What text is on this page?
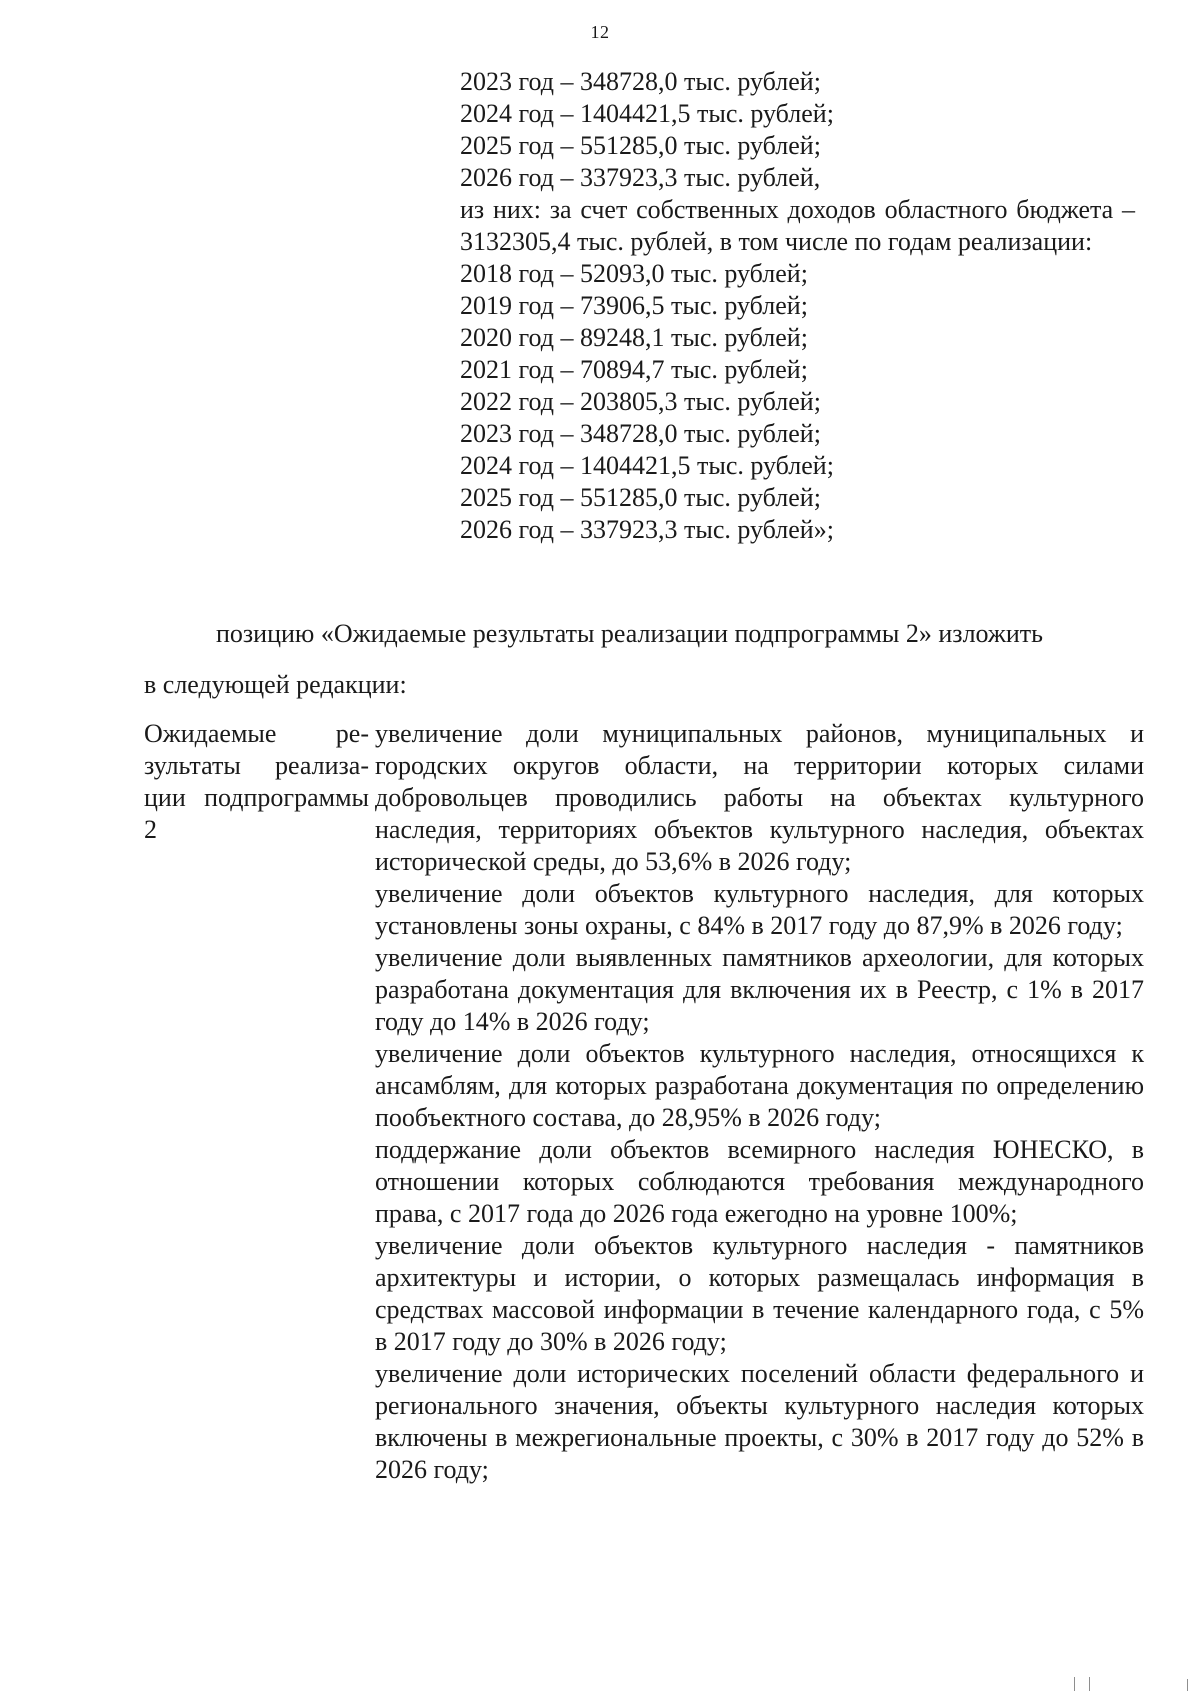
12
2023 год – 348728,0 тыс. рублей;
2024 год – 1404421,5 тыс. рублей;
2025 год – 551285,0 тыс. рублей;
2026 год – 337923,3 тыс. рублей,
из них: за счет собственных доходов областного бюджета – 3132305,4 тыс. рублей, в том числе по годам реализации:
2018 год – 52093,0 тыс. рублей;
2019 год – 73906,5 тыс. рублей;
2020 год – 89248,1 тыс. рублей;
2021 год – 70894,7 тыс. рублей;
2022 год – 203805,3 тыс. рублей;
2023 год – 348728,0 тыс. рублей;
2024 год – 1404421,5 тыс. рублей;
2025 год – 551285,0 тыс. рублей;
2026 год – 337923,3 тыс. рублей»;
позицию «Ожидаемые результаты реализации подпрограммы 2» изложить
в следующей редакции:
Ожидаемые результаты реализации подпрограммы 2
увеличение доли муниципальных районов, муниципальных и городских округов области, на территории которых силами добровольцев проводились работы на объектах культурного наследия, территориях объектов культурного наследия, объектах исторической среды, до 53,6% в 2026 году;
увеличение доли объектов культурного наследия, для которых установлены зоны охраны, с 84% в 2017 году до 87,9% в 2026 году;
увеличение доли выявленных памятников археологии, для которых разработана документация для включения их в Реестр, с 1% в 2017 году до 14% в 2026 году;
увеличение доли объектов культурного наследия, относящихся к ансамблям, для которых разработана документация по определению пообъектного состава, до 28,95% в 2026 году;
поддержание доли объектов всемирного наследия ЮНЕСКО, в отношении которых соблюдаются требования международного права, с 2017 года до 2026 года ежегодно на уровне 100%;
увеличение доли объектов культурного наследия - памятников архитектуры и истории, о которых размещалась информация в средствах массовой информации в течение календарного года, с 5% в 2017 году до 30% в 2026 году;
увеличение доли исторических поселений области федерального и регионального значения, объекты культурного наследия которых включены в межрегиональные проекты, с 30% в 2017 году до 52% в 2026 году;
